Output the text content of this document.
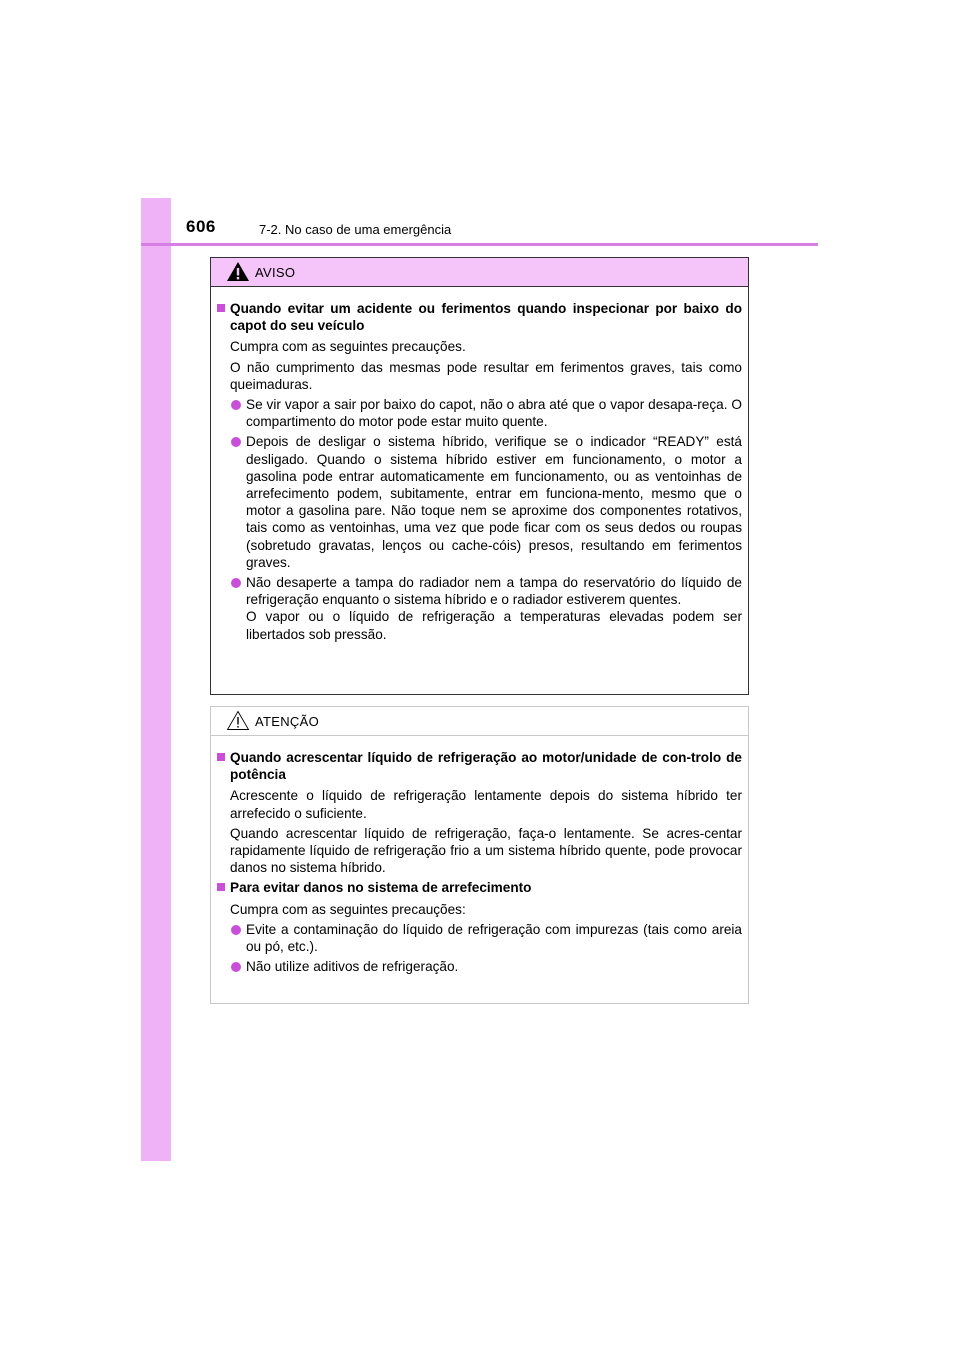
606	7-2. No caso de uma emergência
AVISO
Quando evitar um acidente ou ferimentos quando inspecionar por baixo do capot do seu veículo
Cumpra com as seguintes precauções.
O não cumprimento das mesmas pode resultar em ferimentos graves, tais como queimaduras.
Se vir vapor a sair por baixo do capot, não o abra até que o vapor desapa-reça. O compartimento do motor pode estar muito quente.
Depois de desligar o sistema híbrido, verifique se o indicador “READY” está desligado. Quando o sistema híbrido estiver em funcionamento, o motor a gasolina pode entrar automaticamente em funcionamento, ou as ventoinhas de arrefecimento podem, subitamente, entrar em funciona-mento, mesmo que o motor a gasolina pare. Não toque nem se aproxime dos componentes rotativos, tais como as ventoinhas, uma vez que pode ficar com os seus dedos ou roupas (sobretudo gravatas, lenços ou cache-cóis) presos, resultando em ferimentos graves.
Não desaperte a tampa do radiador nem a tampa do reservatório do líquido de refrigeração enquanto o sistema híbrido e o radiador estiverem quentes.
O vapor ou o líquido de refrigeração a temperaturas elevadas podem ser libertados sob pressão.
ATENÇÃO
Quando acrescentar líquido de refrigeração ao motor/unidade de con-trolo de potência
Acrescente o líquido de refrigeração lentamente depois do sistema híbrido ter arrefecido o suficiente.
Quando acrescentar líquido de refrigeração, faça-o lentamente. Se acres-centar rapidamente líquido de refrigeração frio a um sistema híbrido quente, pode provocar danos no sistema híbrido.
Para evitar danos no sistema de arrefecimento
Cumpra com as seguintes precauções:
Evite a contaminação do líquido de refrigeração com impurezas (tais como areia ou pó, etc.).
Não utilize aditivos de refrigeração.
